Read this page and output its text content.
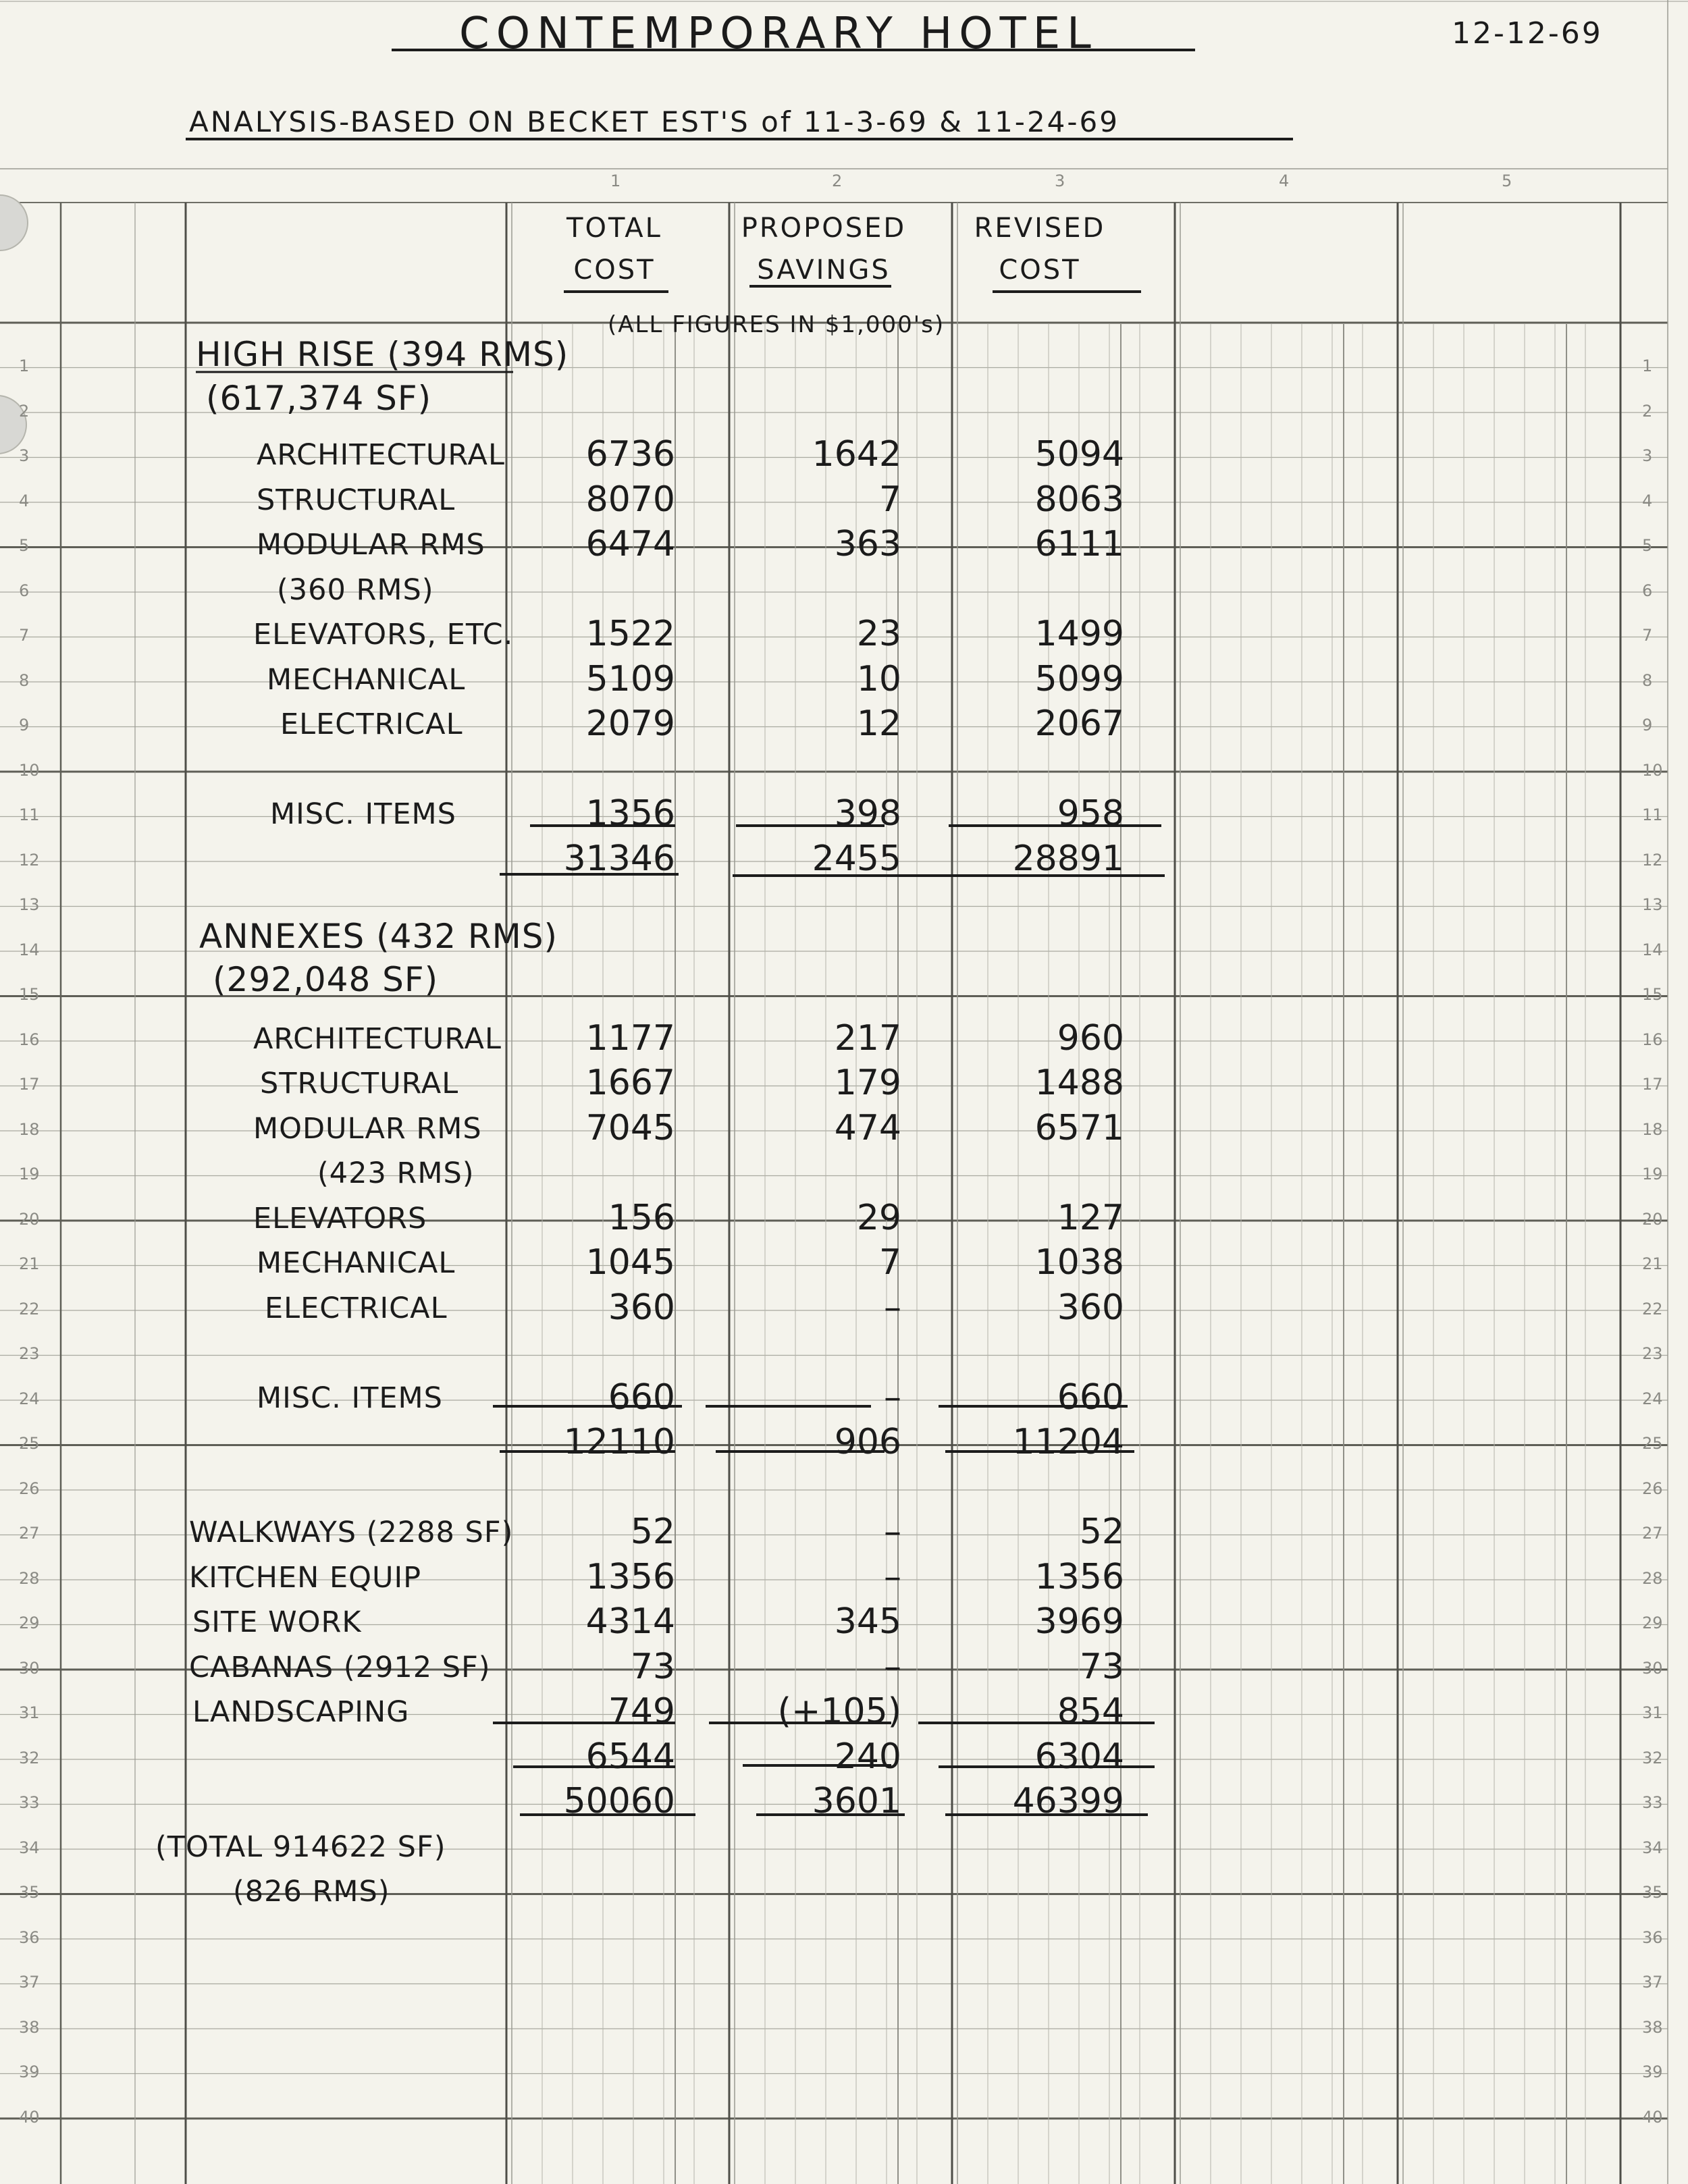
CONTEMPORARY HOTEL	12-12-69
ANALYSIS-BASED ON BECKET EST'S of 11-3-69 & 11-24-69
1	2	3	4	5
TOTAL
COST
PROPOSED
SAVINGS
REVISED
COST
(ALL FIGURES IN $1,000's)
HIGH RISE (394 RMS)
(617,374 SF)
ANNEXES (432 RMS)
(292,048 SF)
ARCHITECTURAL	6736	1642	5094
STRUCTURAL	8070	7	8063
MODULAR RMS	6474	363	6111
(360 RMS)
ELEVATORS, ETC.	1522	23	1499
MECHANICAL	5109	10	5099
ELECTRICAL	2079	12	2067
MISC. ITEMS	1356	398	958
31346	2455	28891
ARCHITECTURAL	1177	217	960
STRUCTURAL	1667	179	1488
MODULAR RMS	7045	474	6571
(423 RMS)
ELEVATORS	156	29	127
MECHANICAL	1045	7	1038
ELECTRICAL	360	–	360
MISC. ITEMS	660	–	660
12110	906	11204
WALKWAYS (2288 SF)	52	–	52
KITCHEN EQUIP	1356	–	1356
SITE WORK	4314	345	3969
CABANAS (2912 SF)	73	–	73
LANDSCAPING	749	(+105)	854
6544	240	6304
50060	3601	46399
(TOTAL 914622 SF)
(826 RMS)
1	1
2	2
3	3
4	4
5	5
6	6
7	7
8	8
9	9
10	10
11	11
12	12
13	13
14	14
15	15
16	16
17	17
18	18
19	19
20	20
21	21
22	22
23	23
24	24
25	25
26	26
27	27
28	28
29	29
30	30
31	31
32	32
33	33
34	34
35	35
36	36
37	37
38	38
39	39
40	40
